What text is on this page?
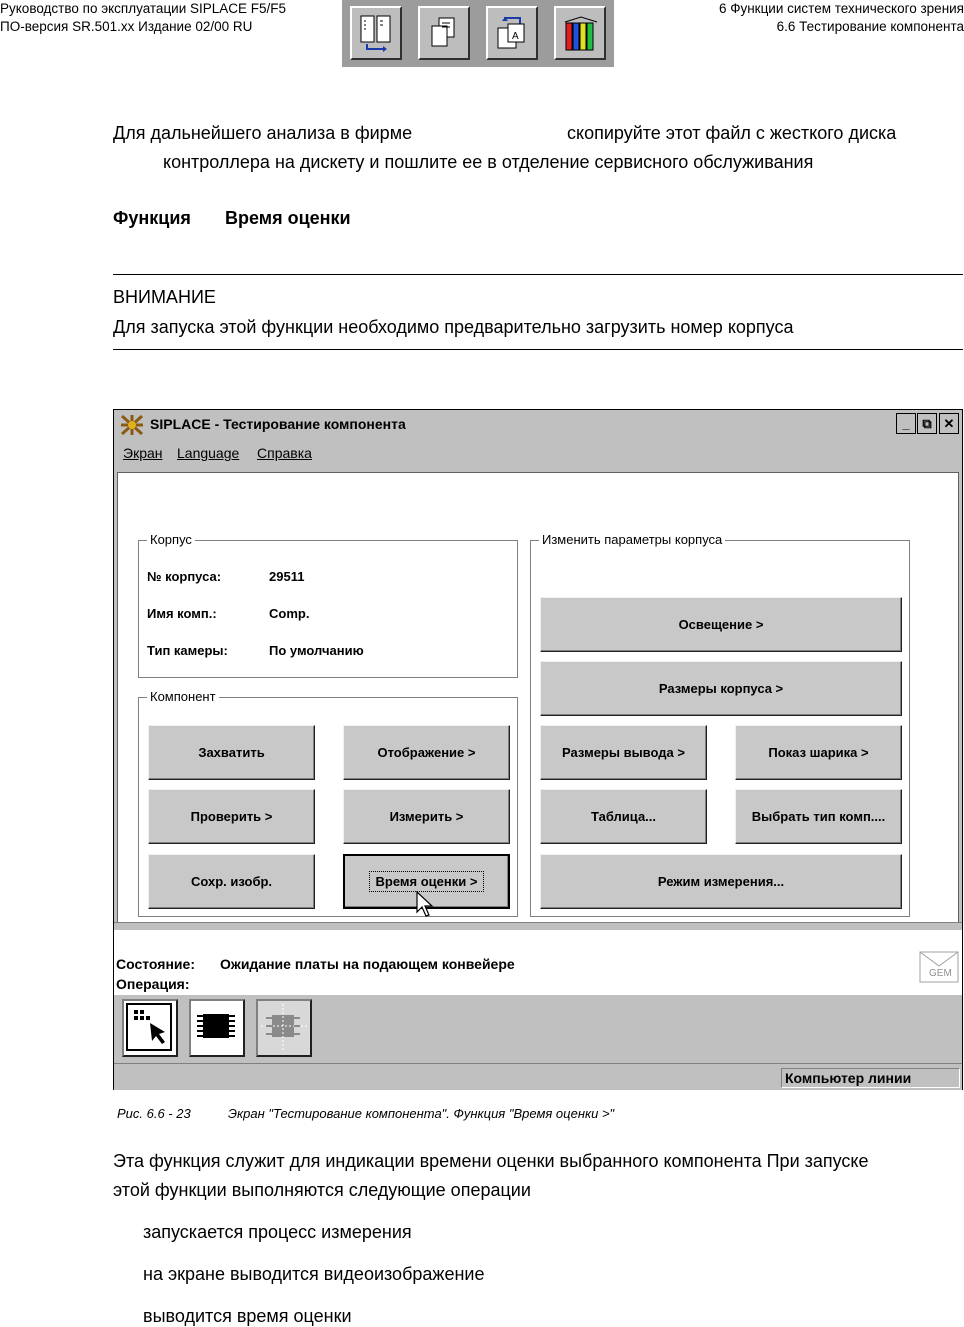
Руководство по эксплуатации SIPLACE F5/F5
ПО-версия SR.501.xx Издание 02/00 RU
6 Функции систем технического зрения
6.6 Тестирование компонента
A
Для дальнейшего анализа в фирме	скопируйте этот файл с жесткого диска
контроллера на дискету и пошлите ее в отделение сервисного обслуживания
Функция Время оценки
ВНИМАНИЕ
Для запуска этой функции необходимо предварительно загрузить номер корпуса
SIPLACE - Тестирование компонента	_ ⧉ ✕
Экран Language Справка
Корпус
№ корпуса:	29511
Имя комп.:	Comp.
Тип камеры:	По умолчанию
Компонент
Захватить	Отображение >
Проверить >	Измерить >
Сохр. изобр.	Время оценки >
Изменить параметры корпуса
Освещение >
Размеры корпуса >
Размеры вывода >	Показ шарика >
Таблица...	Выбрать тип комп....
Режим измерения...
Состояние: Ожидание платы на подающем конвейере
Операция:
GEM
Компьютер линии
Рис. 6.6 - 23	Экран "Тестирование компонента". Функция "Время оценки >"
Эта функция служит для индикации времени оценки выбранного компонента При запуске
этой функции выполняются следующие операции
запускается процесс измерения
на экране выводится видеоизображение
выводится время оценки
